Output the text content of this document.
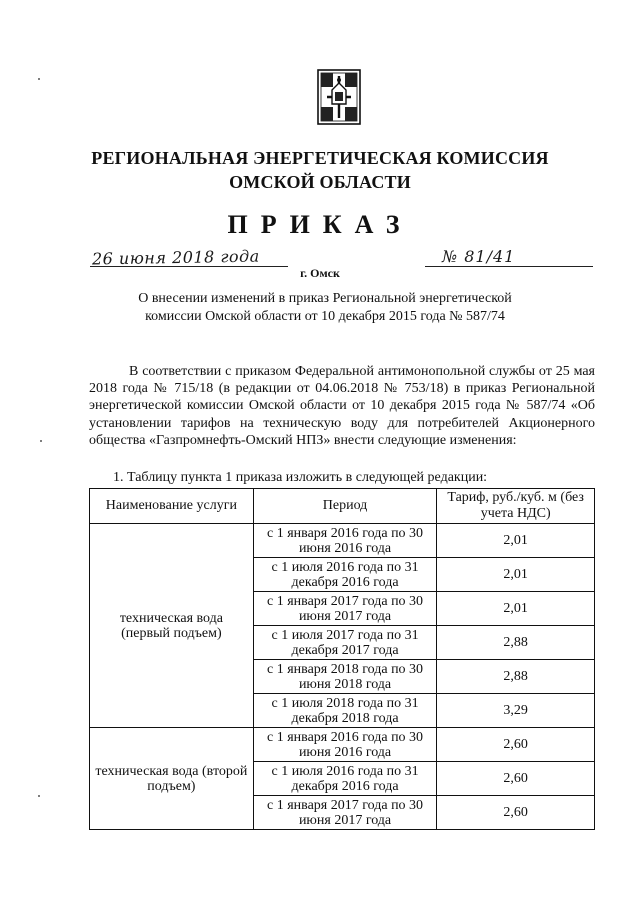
РЕГИОНАЛЬНАЯ ЭНЕРГЕТИЧЕСКАЯ КОМИССИЯ
ОМСКОЙ ОБЛАСТИ
ПРИКАЗ
26 июня 2018 года	№ 81/41
г. Омск
О внесении изменений в приказ Региональной энергетической комиссии Омской области от 10 декабря 2015 года № 587/74

В соответствии с приказом Федеральной антимонопольной службы от 25 мая 2018 года № 715/18 (в редакции от 04.06.2018 № 753/18) в приказ Региональной энергетической комиссии Омской области от 10 декабря 2015 года № 587/74 «Об установлении тарифов на техническую воду для потребителей Акционерного общества «Газпромнефть-Омский НПЗ» внести следующие изменения:

1. Таблицу пункта 1 приказа изложить в следующей редакции:
Наименование услуги	Период	Тариф, руб./куб. м (без учета НДС)
техническая вода (первый подъем)	с 1 января 2016 года по 30 июня 2016 года	2,01
	с 1 июля 2016 года по 31 декабря 2016 года	2,01
	с 1 января 2017 года по 30 июня 2017 года	2,01
	с 1 июля 2017 года по 31 декабря 2017 года	2,88
	с 1 января 2018 года по 30 июня 2018 года	2,88
	с 1 июля 2018 года по 31 декабря 2018 года	3,29
техническая вода (второй подъем)	с 1 января 2016 года по 30 июня 2016 года	2,60
	с 1 июля 2016 года по 31 декабря 2016 года	2,60
	с 1 января 2017 года по 30 июня 2017 года	2,60
